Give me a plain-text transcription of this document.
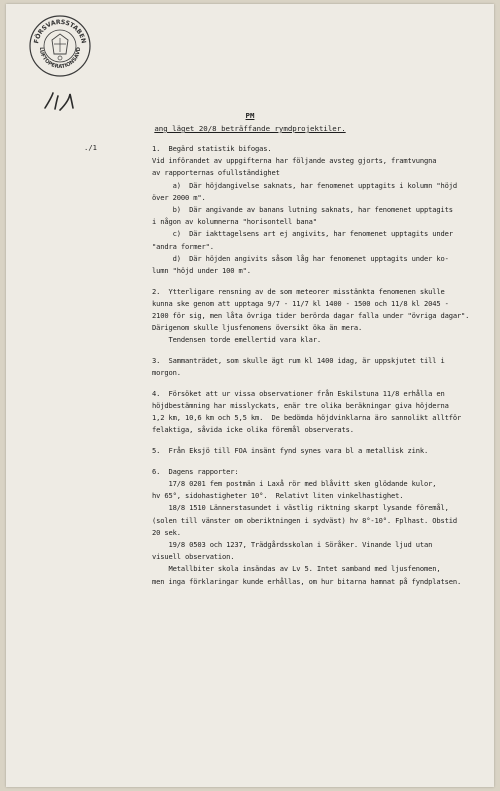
FÖRSVARSSTABEN
LUFTOPERATIONSAVD
PM
ang läget 20/8 beträffande rymdprojektiler.
./1	1.  Begärd statistik bifogas.
Vid införandet av uppgifterna har följande avsteg gjorts, framtvungna
av rapporternas ofullständighet
a)  Där höjdangivelse saknats, har fenomenet upptagits i kolumn "höjd
över 2000 m".
b)  Där angivande av banans lutning saknats, har fenomenet upptagits
i någon av kolumnerna "horisontell bana"
c)  Där iakttagelsens art ej angivits, har fenomenet upptagits under
"andra former".
d)  Där höjden angivits såsom låg har fenomenet upptagits under ko-
lumn "höjd under 100 m".
2.  Ytterligare rensning av de som meteorer misstänkta fenomenen skulle
kunna ske genom att upptaga 9/7 - 11/7 kl 1400 - 1500 och 11/8 kl 2045 -
2100 för sig, men låta övriga tider berörda dagar falla under "övriga dagar".
Därigenom skulle ljusfenomens översikt öka än mera.
Tendensen torde emellertid vara klar.
3.  Sammanträdet, som skulle ägt rum kl 1400 idag, är uppskjutet till i
morgon.
4.  Försöket att ur vissa observationer från Eskilstuna 11/8 erhålla en
höjdbestämning har misslyckats, enär tre olika beräkningar giva höjderna
1,2 km, 10,6 km och 5,5 km.  De bedömda höjdvinklarna äro sannolikt alltför
felaktiga, såvida icke olika föremål observerats.
5.  Från Eksjö till FOA insänt fynd synes vara bl a metallisk zink.
6.  Dagens rapporter:
17/8 0201 fem postmän i Laxå rör med blåvitt sken glödande kulor,
hv 65°, sidohastigheter 10°.  Relativt liten vinkelhastighet.
18/8 1510 Lännerstasundet i västlig riktning skarpt lysande föremål,
(solen till vänster om oberiktningen i sydväst) hv 8°-10°. Fplhast. Obstid
20 sek.
19/8 0503 och 1237, Trädgårdsskolan i Söråker. Vinande ljud utan
visuell observation.
Metallbiter skola insändas av Lv 5. Intet samband med ljusfenomen,
men inga förklaringar kunde erhållas, om hur bitarna hamnat på fyndplatsen.
